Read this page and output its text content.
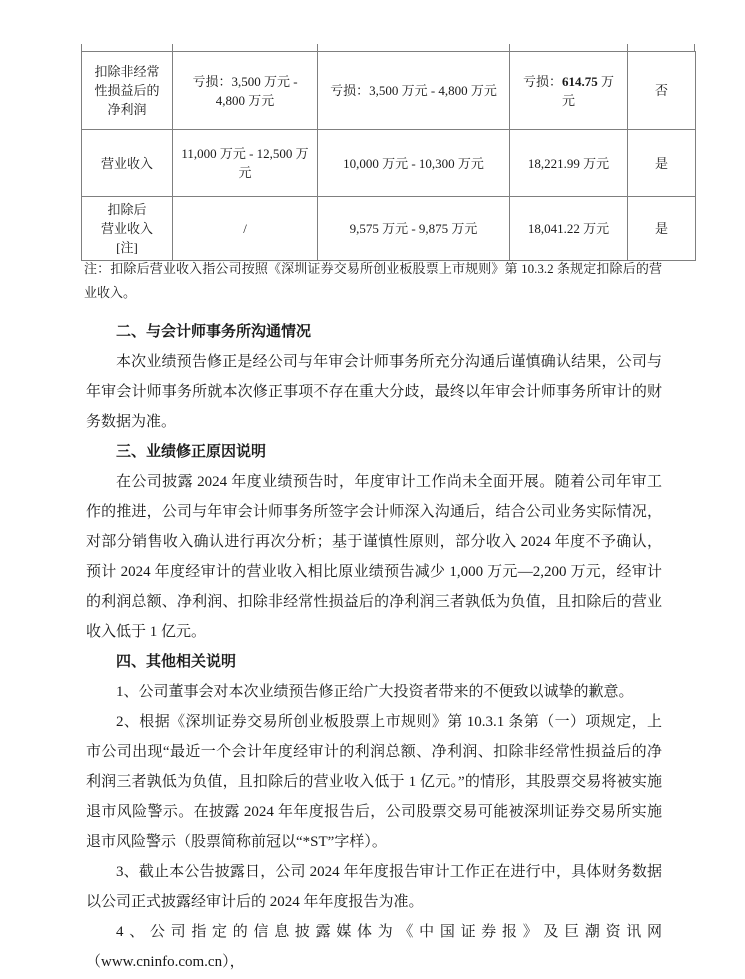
扣除非经常
性损益后的
净利润	亏损：3,500 万元 - 4,800 万元	亏损：3,500 万元 - 4,800 万元	亏损：614.75 万元	否

营业收入	11,000 万元 - 12,500 万元	10,000 万元 - 10,300 万元	18,221.99 万元	是

扣除后
营业收入
[注]	/	9,575 万元 - 9,875 万元	18,041.22 万元	是
注：扣除后营业收入指公司按照《深圳证券交易所创业板股票上市规则》第 10.3.2 条规定扣除后的营业收入。
二、与会计师事务所沟通情况

本次业绩预告修正是经公司与年审会计师事务所充分沟通后谨慎确认结果，公司与年审会计师事务所就本次修正事项不存在重大分歧，最终以年审会计师事务所审计的财务数据为准。

三、业绩修正原因说明

在公司披露 2024 年度业绩预告时，年度审计工作尚未全面开展。随着公司年审工作的推进，公司与年审会计师事务所签字会计师深入沟通后，结合公司业务实际情况，对部分销售收入确认进行再次分析；基于谨慎性原则，部分收入 2024 年度不予确认，预计 2024 年度经审计的营业收入相比原业绩预告减少 1,000 万元—2,200 万元，经审计的利润总额、净利润、扣除非经常性损益后的净利润三者孰低为负值，且扣除后的营业收入低于 1 亿元。

四、其他相关说明

1、公司董事会对本次业绩预告修正给广大投资者带来的不便致以诚挚的歉意。

2、根据《深圳证券交易所创业板股票上市规则》第 10.3.1 条第（一）项规定，上市公司出现“最近一个会计年度经审计的利润总额、净利润、扣除非经常性损益后的净利润三者孰低为负值，且扣除后的营业收入低于 1 亿元。”的情形，其股票交易将被实施退市风险警示。在披露 2024 年年度报告后，公司股票交易可能被深圳证券交易所实施退市风险警示（股票简称前冠以“*ST”字样）。

3、截止本公告披露日，公司 2024 年年度报告审计工作正在进行中，具体财务数据以公司正式披露经审计后的 2024 年年度报告为准。

4、公司指定的信息披露媒体为《中国证券报》及巨潮资讯网（www.cninfo.com.cn），
